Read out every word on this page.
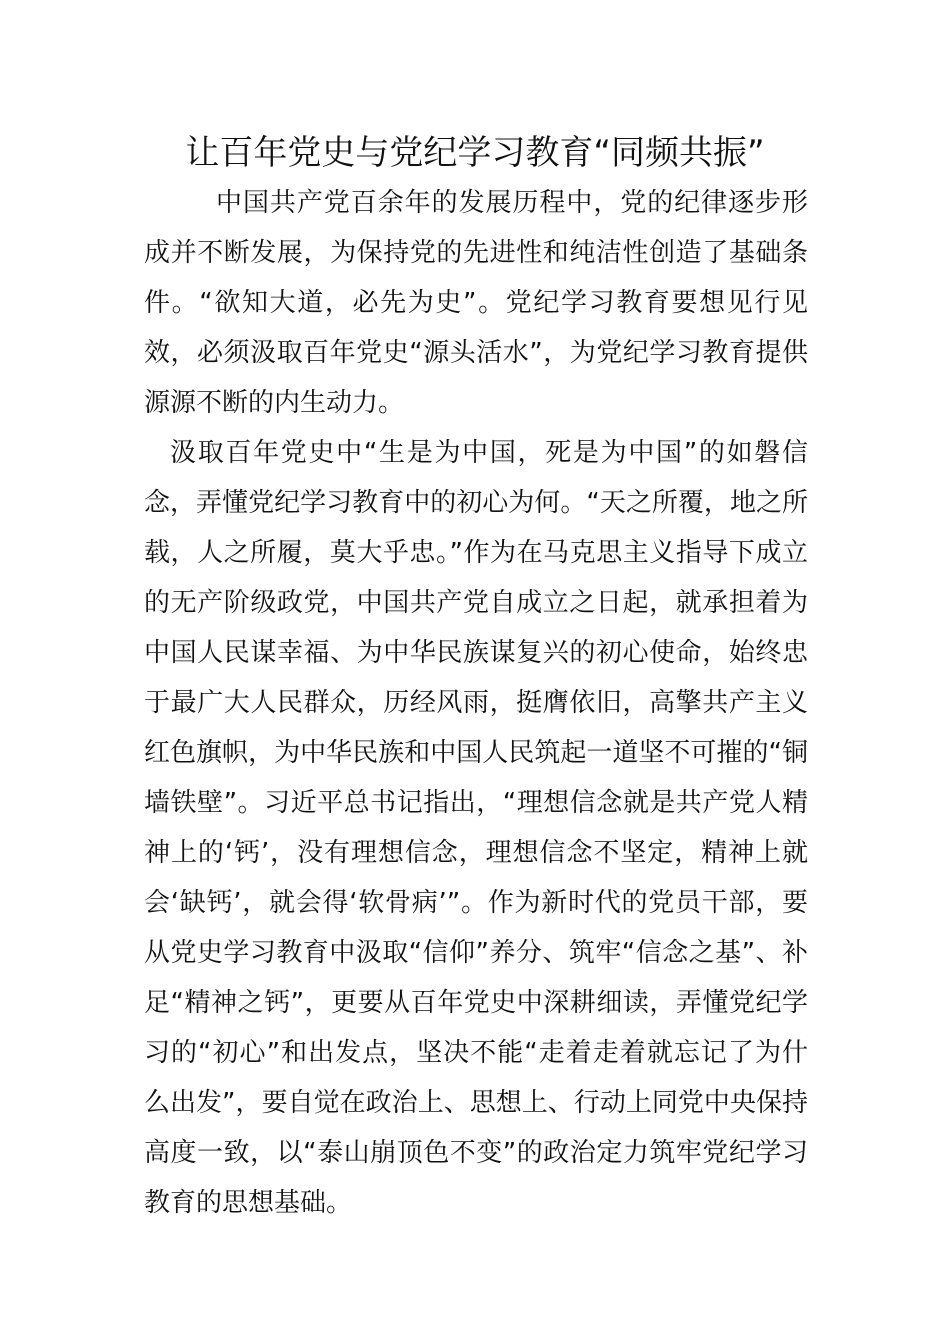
让百年党史与党纪学习教育“同频共振”

中国共产党百余年的发展历程中，党的纪律逐步形成并不断发展，为保持党的先进性和纯洁性创造了基础条件。“欲知大道，必先为史”。党纪学习教育要想见行见效，必须汲取百年党史“源头活水”，为党纪学习教育提供源源不断的内生动力。

汲取百年党史中“生是为中国，死是为中国”的如磐信念，弄懂党纪学习教育中的初心为何。“天之所覆，地之所载，人之所履，莫大乎忠。”作为在马克思主义指导下成立的无产阶级政党，中国共产党自成立之日起，就承担着为中国人民谋幸福、为中华民族谋复兴的初心使命，始终忠于最广大人民群众，历经风雨，挺膺依旧，高擎共产主义红色旗帜，为中华民族和中国人民筑起一道坚不可摧的“铜墙铁壁”。习近平总书记指出，“理想信念就是共产党人精神上的‘钙’，没有理想信念，理想信念不坚定，精神上就会‘缺钙’，就会得‘软骨病’”。作为新时代的党员干部，要从党史学习教育中汲取“信仰”养分、筑牢“信念之基”、补足“精神之钙”，更要从百年党史中深耕细读，弄懂党纪学习的“初心”和出发点，坚决不能“走着走着就忘记了为什么出发”，要自觉在政治上、思想上、行动上同党中央保持高度一致，以“泰山崩顶色不变”的政治定力筑牢党纪学习教育的思想基础。
